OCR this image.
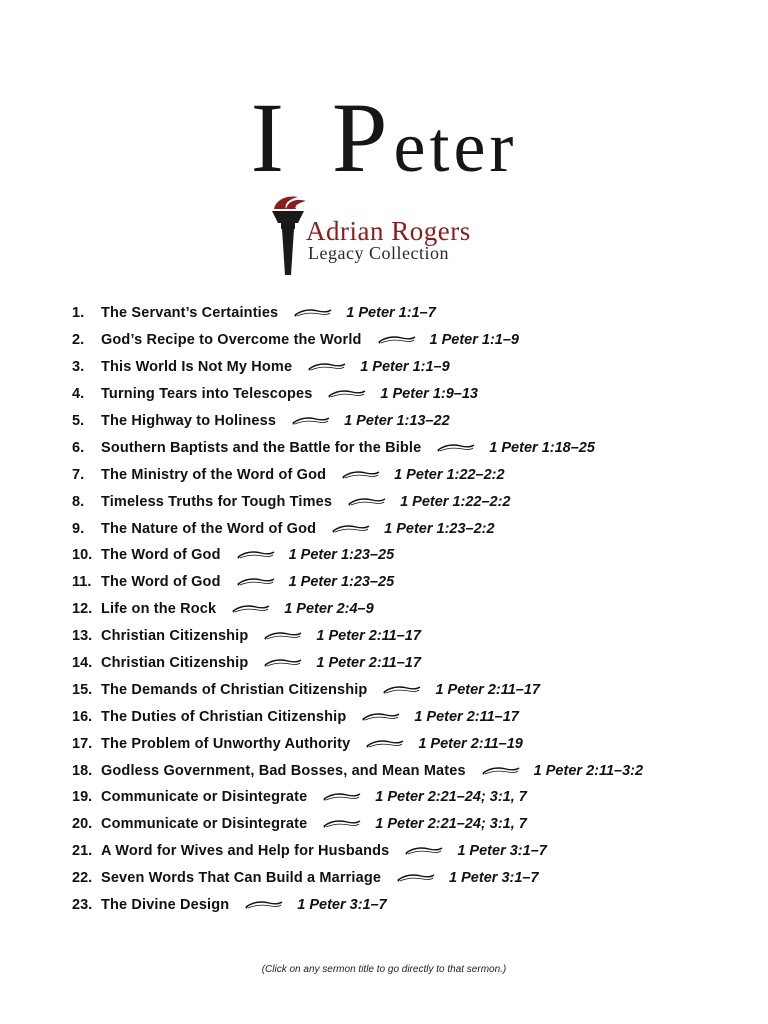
I Peter
Adrian Rogers
Legacy Collection
1.	The Servant’s Certainties	1 Peter 1:1–7
2.	God’s Recipe to Overcome the World	1 Peter 1:1–9
3.	This World Is Not My Home	1 Peter 1:1–9
4.	Turning Tears into Telescopes	1 Peter 1:9–13
5.	The Highway to Holiness	1 Peter 1:13–22
6.	Southern Baptists and the Battle for the Bible	1 Peter 1:18–25
7.	The Ministry of the Word of God	1 Peter 1:22–2:2
8.	Timeless Truths for Tough Times	1 Peter 1:22–2:2
9.	The Nature of the Word of God	1 Peter 1:23–2:2
10. The Word of God	1 Peter 1:23–25
11. The Word of God	1 Peter 1:23–25
12. Life on the Rock	1 Peter 2:4–9
13. Christian Citizenship	1 Peter 2:11–17
14. Christian Citizenship	1 Peter 2:11–17
15. The Demands of Christian Citizenship	1 Peter 2:11–17
16. The Duties of Christian Citizenship	1 Peter 2:11–17
17. The Problem of Unworthy Authority	1 Peter 2:11–19
18. Godless Government, Bad Bosses, and Mean Mates	1 Peter 2:11–3:2
19. Communicate or Disintegrate	1 Peter 2:21–24; 3:1, 7
20. Communicate or Disintegrate	1 Peter 2:21–24; 3:1, 7
21. A Word for Wives and Help for Husbands	1 Peter 3:1–7
22. Seven Words That Can Build a Marriage	1 Peter 3:1–7
23. The Divine Design	1 Peter 3:1–7
(Click on any sermon title to go directly to that sermon.)
